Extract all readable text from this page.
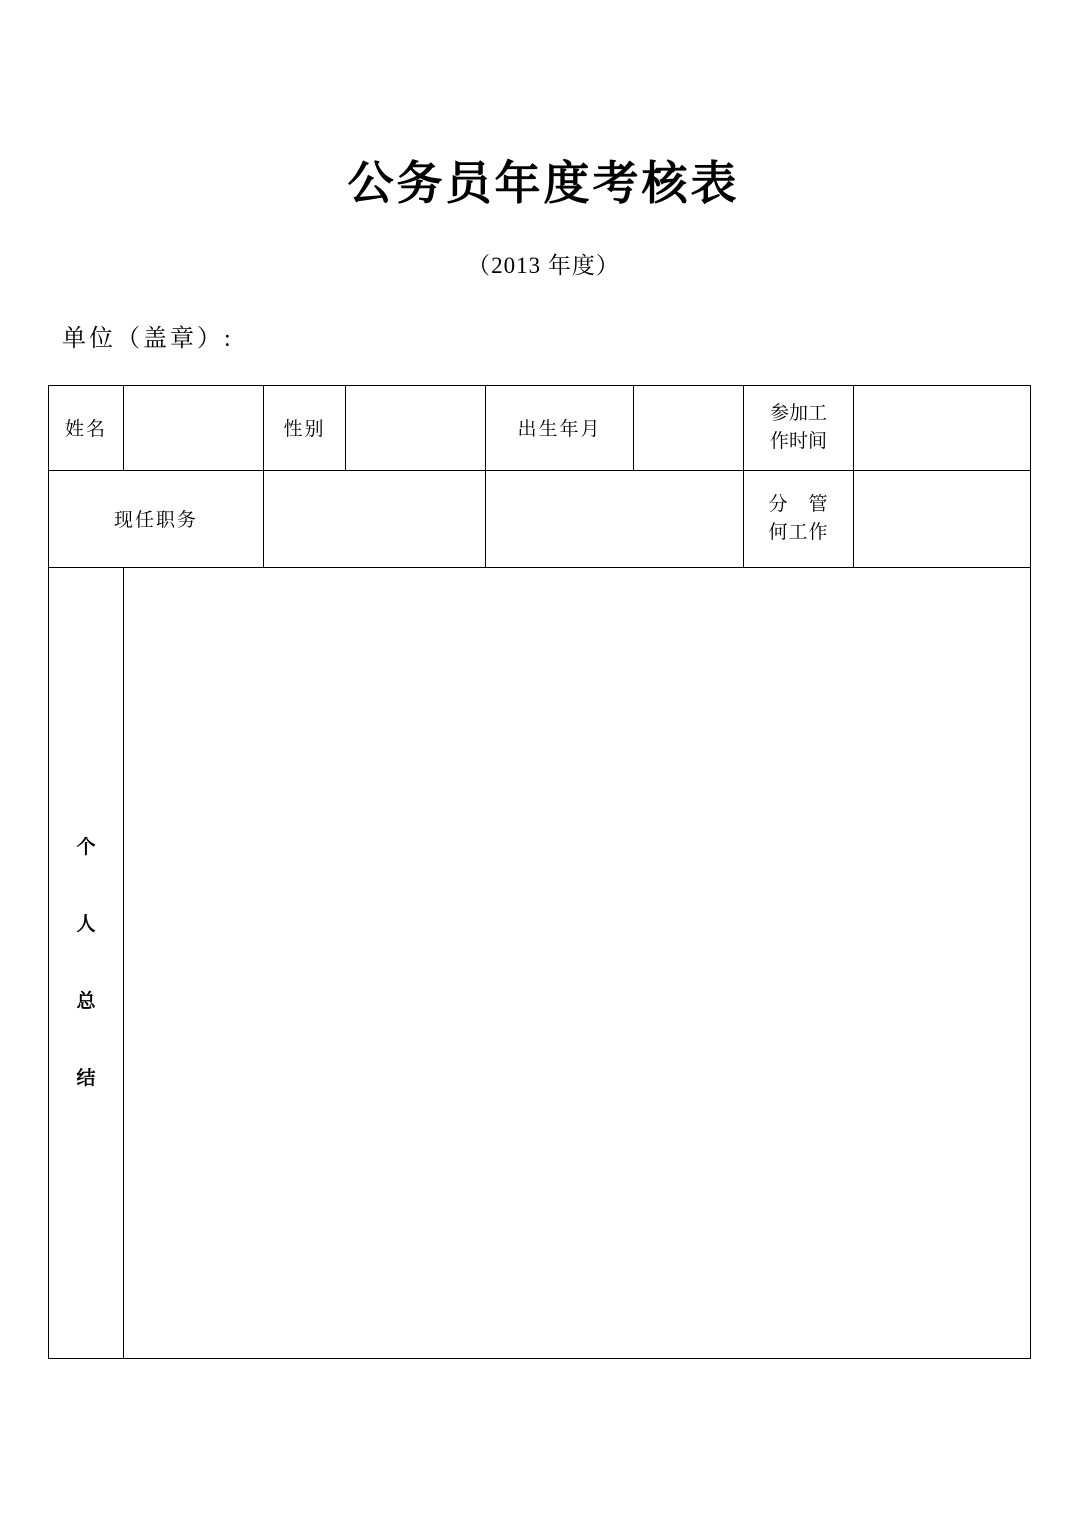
公务员年度考核表
（2013 年度）
单位（盖章）:
姓名		性别		出生年月		参加工
作时间	

现任职务						分　管
何工作	

个
人
总
结							
